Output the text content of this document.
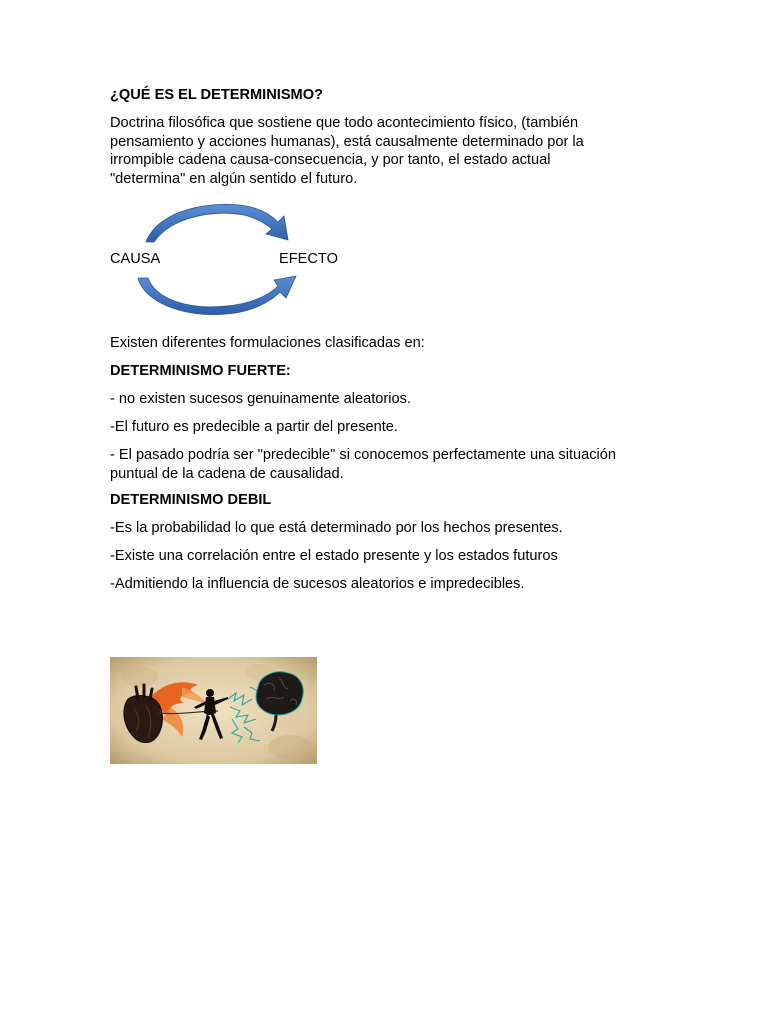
¿QUÉ ES EL DETERMINISMO?

Doctrina filosófica que sostiene que todo acontecimiento físico, (también

pensamiento y acciones humanas), está causalmente determinado por la

irrompible cadena causa-consecuencia, y por tanto, el estado actual

"determina" en algún sentido el futuro.

CAUSA	EFECTO

Existen diferentes formulaciones clasificadas en:

DETERMINISMO FUERTE:

- no existen sucesos genuinamente aleatorios.

-El futuro es predecible a partir del presente.

- El pasado podría ser "predecible" si conocemos perfectamente una situación

puntual de la cadena de causalidad.

DETERMINISMO DEBIL

-Es la probabilidad lo que está determinado por los hechos presentes.

-Existe una correlación entre el estado presente y los estados futuros

-Admitiendo la influencia de sucesos aleatorios e impredecibles.
